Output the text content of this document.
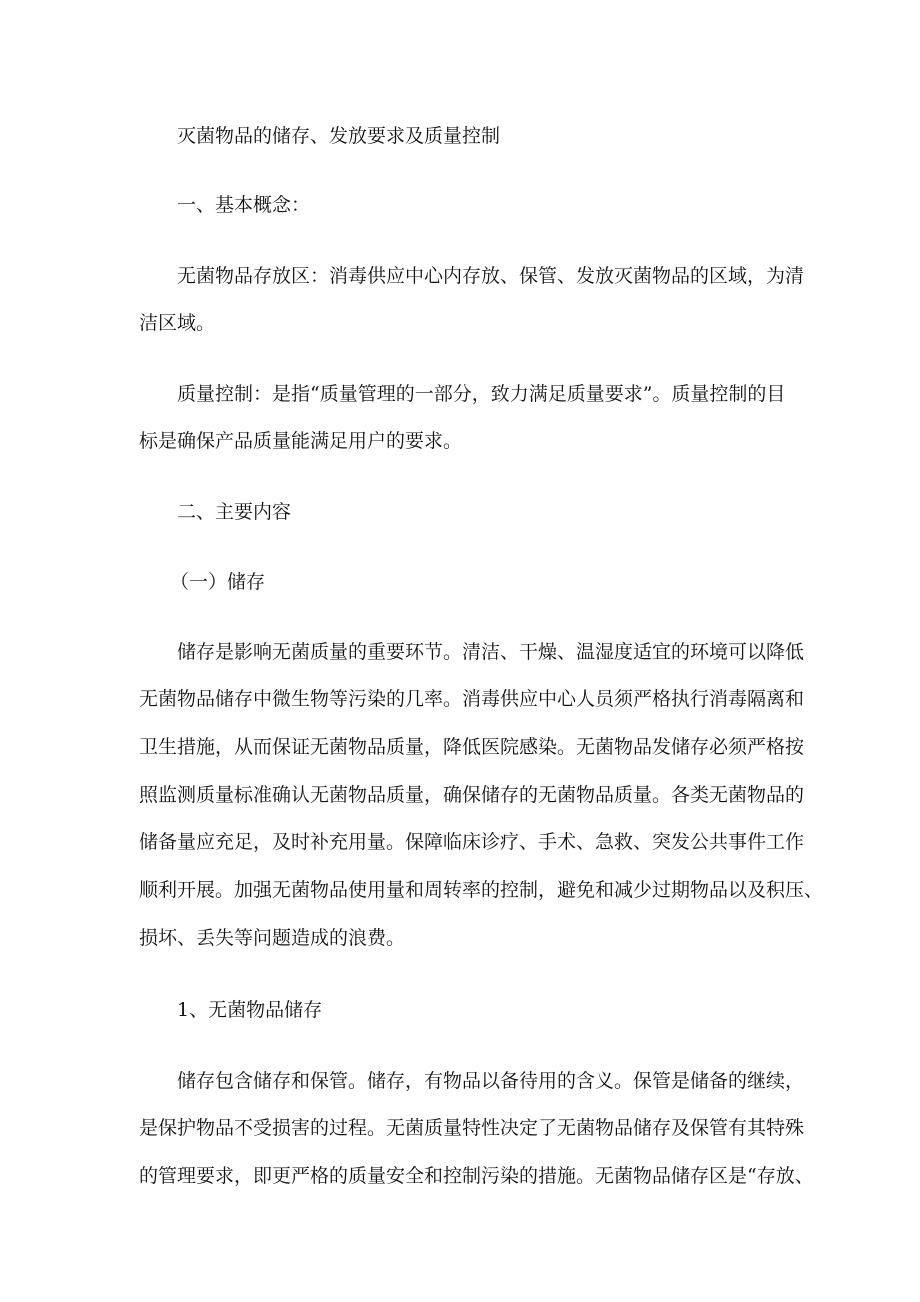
灭菌物品的储存、发放要求及质量控制
一、基本概念：
无菌物品存放区：消毒供应中心内存放、保管、发放灭菌物品的区域，为清
洁区域。
质量控制：是指“质量管理的一部分，致力满足质量要求”。质量控制的目
标是确保产品质量能满足用户的要求。
二、主要内容
（一）储存
储存是影响无菌质量的重要环节。清洁、干燥、温湿度适宜的环境可以降低
无菌物品储存中微生物等污染的几率。消毒供应中心人员须严格执行消毒隔离和
卫生措施，从而保证无菌物品质量，降低医院感染。无菌物品发储存必须严格按
照监测质量标准确认无菌物品质量，确保储存的无菌物品质量。各类无菌物品的
储备量应充足，及时补充用量。保障临床诊疗、手术、急救、突发公共事件工作
顺利开展。加强无菌物品使用量和周转率的控制，避免和减少过期物品以及积压、
损坏、丢失等问题造成的浪费。
1、无菌物品储存
储存包含储存和保管。储存，有物品以备待用的含义。保管是储备的继续，
是保护物品不受损害的过程。无菌质量特性决定了无菌物品储存及保管有其特殊
的管理要求，即更严格的质量安全和控制污染的措施。无菌物品储存区是“存放、
